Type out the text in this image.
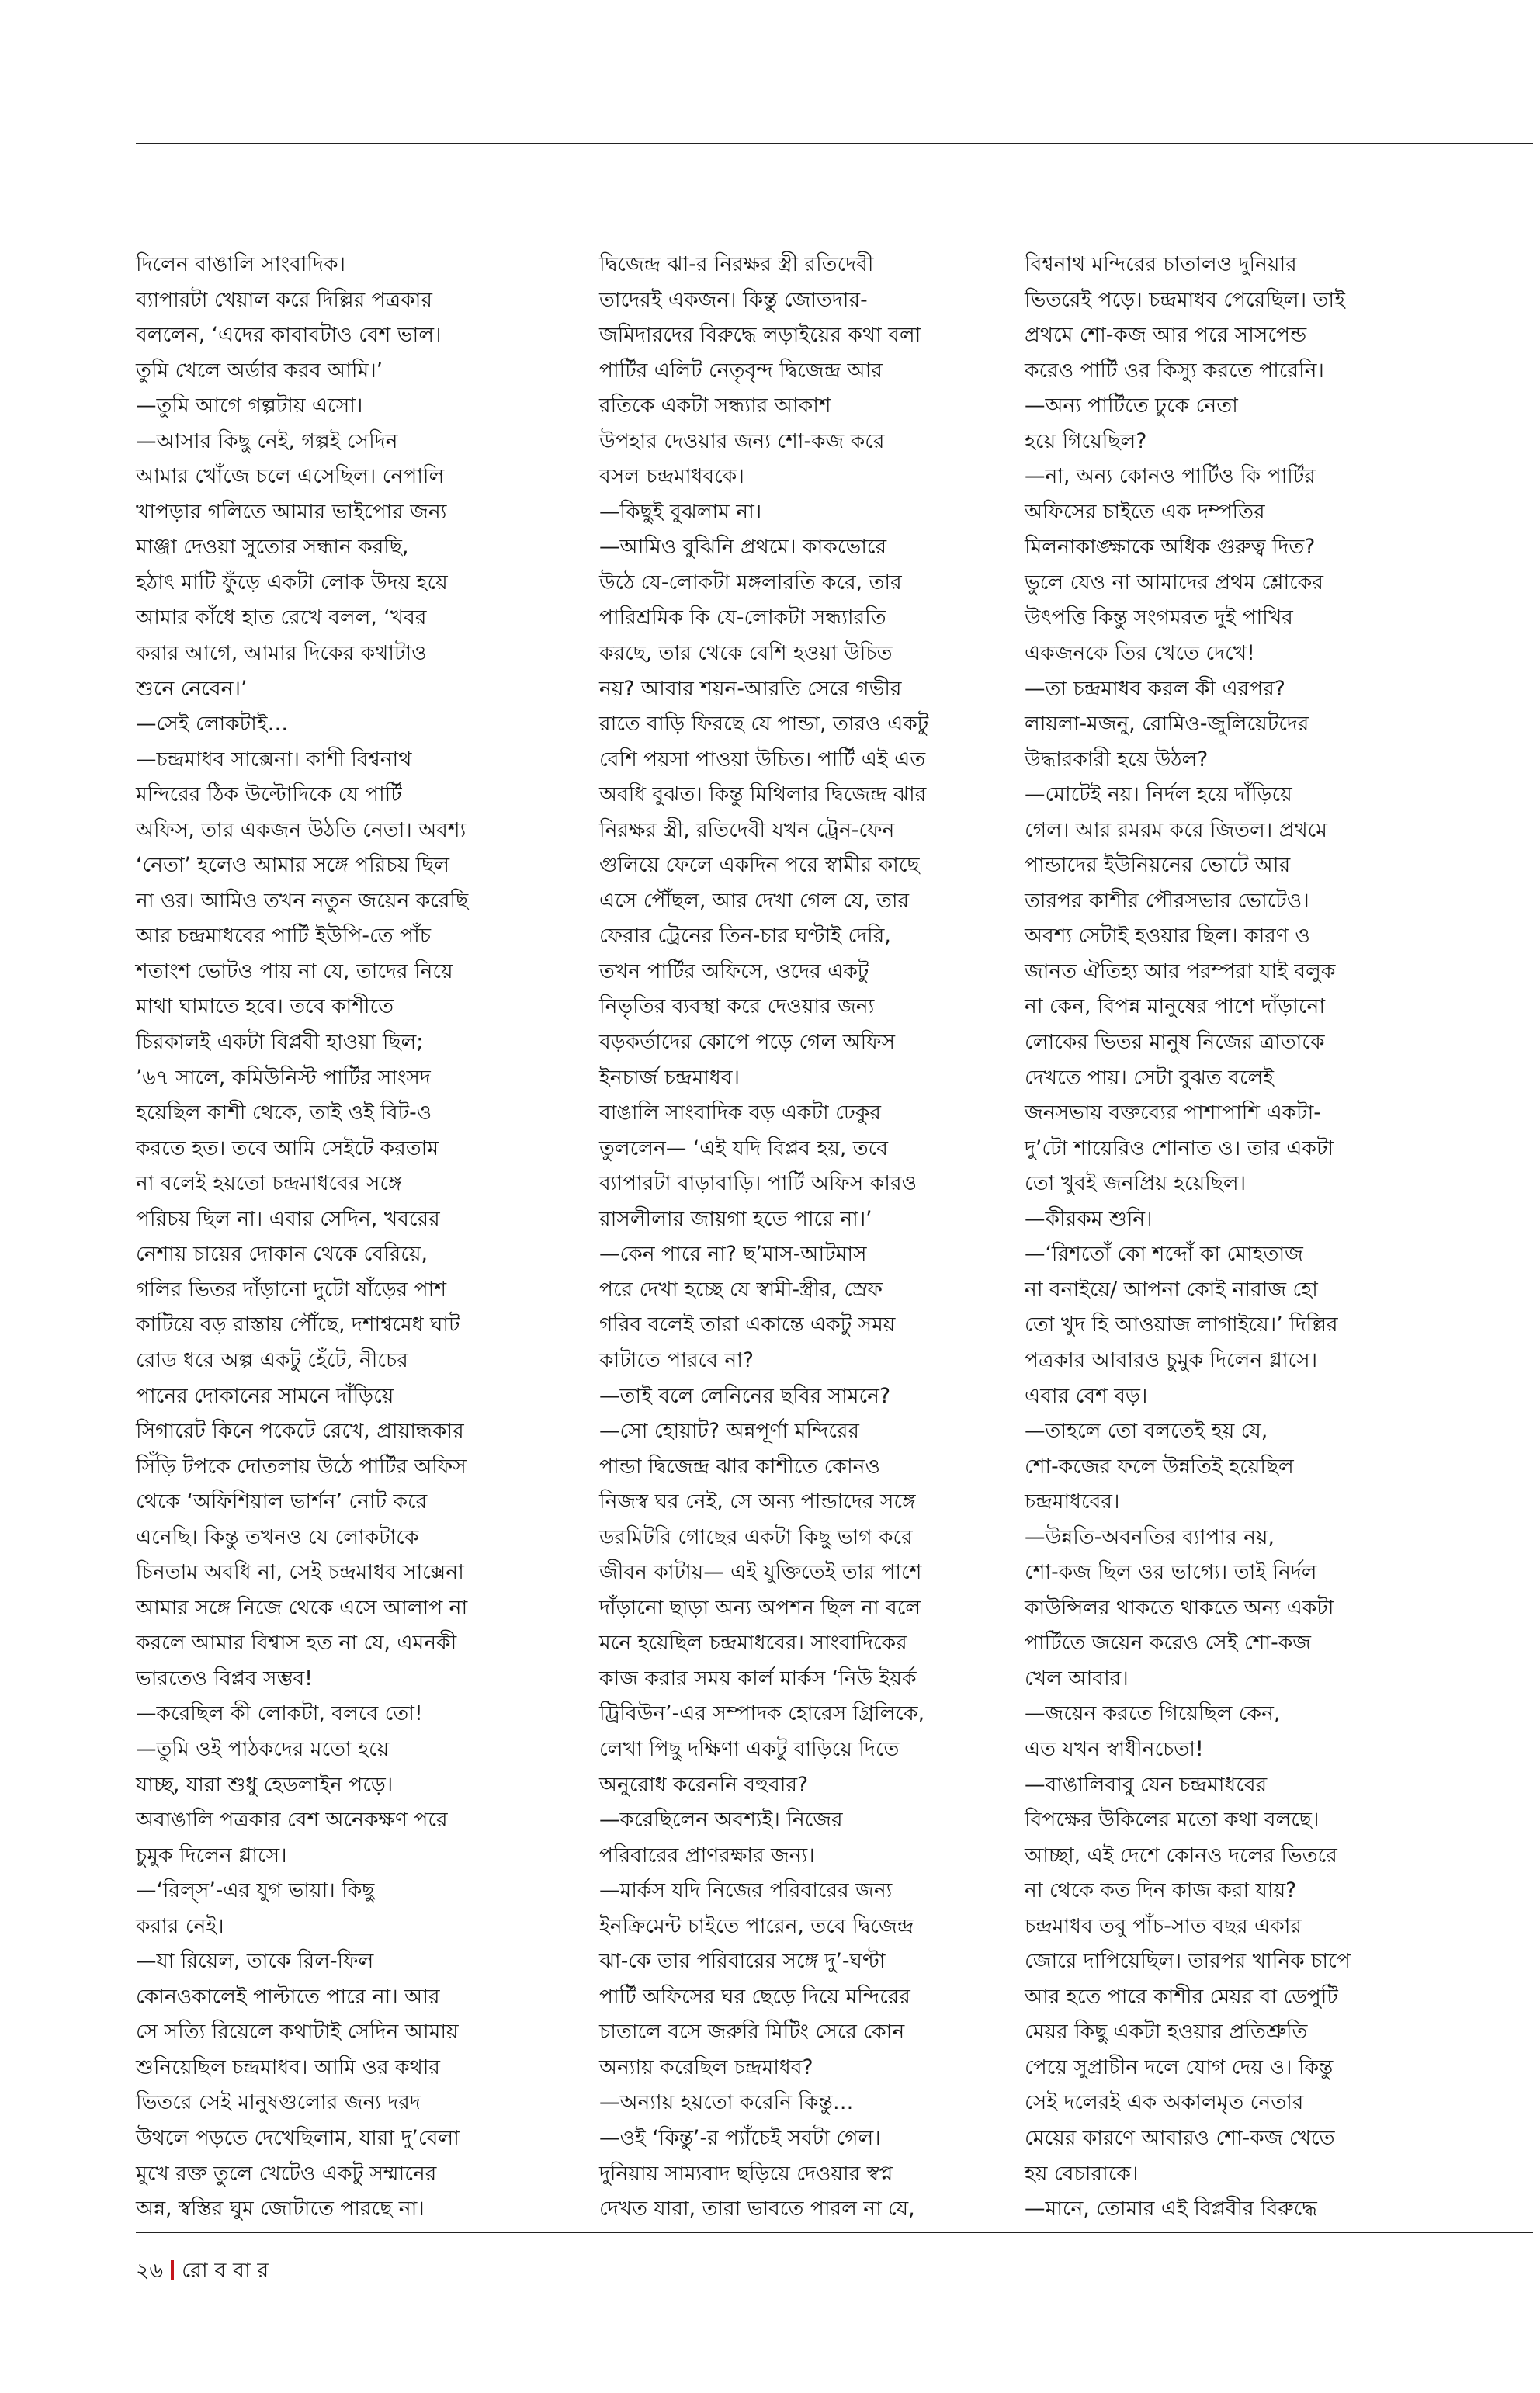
দিলেন বাঙালি সাংবাদিক।
ব্যাপারটা খেয়াল করে দিল্লির পত্রকার
বললেন, ‘এদের কাবাবটাও বেশ ভাল।
তুমি খেলে অর্ডার করব আমি।’
—তুমি আগে গল্পটায় এসো।
—আসার কিছু নেই, গল্পই সেদিন
আমার খোঁজে চলে এসেছিল। নেপালি
খাপড়ার গলিতে আমার ভাইপোর জন্য
মাঞ্জা দেওয়া সুতোর সন্ধান করছি,
হঠাৎ মাটি ফুঁড়ে একটা লোক উদয় হয়ে
আমার কাঁধে হাত রেখে বলল, ‘খবর
করার আগে, আমার দিকের কথাটাও
শুনে নেবেন।’
—সেই লোকটাই…
—চন্দ্রমাধব সাক্সেনা। কাশী বিশ্বনাথ
মন্দিরের ঠিক উল্টোদিকে যে পার্টি
অফিস, তার একজন উঠতি নেতা। অবশ্য
‘নেতা’ হলেও আমার সঙ্গে পরিচয় ছিল
না ওর। আমিও তখন নতুন জয়েন করেছি
আর চন্দ্রমাধবের পার্টি ইউপি-তে পাঁচ
শতাংশ ভোটও পায় না যে, তাদের নিয়ে
মাথা ঘামাতে হবে। তবে কাশীতে
চিরকালই একটা বিপ্লবী হাওয়া ছিল;
’৬৭ সালে, কমিউনিস্ট পার্টির সাংসদ
হয়েছিল কাশী থেকে, তাই ওই বিট-ও
করতে হত। তবে আমি সেইটে করতাম
না বলেই হয়তো চন্দ্রমাধবের সঙ্গে
পরিচয় ছিল না। এবার সেদিন, খবরের
নেশায় চায়ের দোকান থেকে বেরিয়ে,
গলির ভিতর দাঁড়ানো দুটো ষাঁড়ের পাশ
কাটিয়ে বড় রাস্তায় পৌঁছে, দশাশ্বমেধ ঘাট
রোড ধরে অল্প একটু হেঁটে, নীচের
পানের দোকানের সামনে দাঁড়িয়ে
সিগারেট কিনে পকেটে রেখে, প্রায়ান্ধকার
সিঁড়ি টপকে দোতলায় উঠে পার্টির অফিস
থেকে ‘অফিশিয়াল ভার্শন’ নোট করে
এনেছি। কিন্তু তখনও যে লোকটাকে
চিনতাম অবধি না, সেই চন্দ্রমাধব সাক্সেনা
আমার সঙ্গে নিজে থেকে এসে আলাপ না
করলে আমার বিশ্বাস হত না যে, এমনকী
ভারতেও বিপ্লব সম্ভব!
—করেছিল কী লোকটা, বলবে তো!
—তুমি ওই পাঠকদের মতো হয়ে
যাচ্ছ, যারা শুধু হেডলাইন পড়ে।
অবাঙালি পত্রকার বেশ অনেকক্ষণ পরে
চুমুক দিলেন গ্লাসে।
—‘রিল্স’-এর যুগ ভায়া। কিছু
করার নেই।
—যা রিয়েল, তাকে রিল-ফিল
কোনওকালেই পাল্টাতে পারে না। আর
সে সত্যি রিয়েলে কথাটাই সেদিন আমায়
শুনিয়েছিল চন্দ্রমাধব। আমি ওর কথার
ভিতরে সেই মানুষগুলোর জন্য দরদ
উথলে পড়তে দেখেছিলাম, যারা দু’বেলা
মুখে রক্ত তুলে খেটেও একটু সম্মানের
অন্ন, স্বস্তির ঘুম জোটাতে পারছে না।
দ্বিজেন্দ্র ঝা-র নিরক্ষর স্ত্রী রতিদেবী
তাদেরই একজন। কিন্তু জোতদার-
জমিদারদের বিরুদ্ধে লড়াইয়ের কথা বলা
পার্টির এলিট নেতৃবৃন্দ দ্বিজেন্দ্র আর
রতিকে একটা সন্ধ্যার আকাশ
উপহার দেওয়ার জন্য শো-কজ করে
বসল চন্দ্রমাধবকে।
—কিছুই বুঝলাম না।
—আমিও বুঝিনি প্রথমে। কাকভোরে
উঠে যে-লোকটা মঙ্গলারতি করে, তার
পারিশ্রমিক কি যে-লোকটা সন্ধ্যারতি
করছে, তার থেকে বেশি হওয়া উচিত
নয়? আবার শয়ন-আরতি সেরে গভীর
রাতে বাড়ি ফিরছে যে পান্ডা, তারও একটু
বেশি পয়সা পাওয়া উচিত। পার্টি এই এত
অবধি বুঝত। কিন্তু মিথিলার দ্বিজেন্দ্র ঝার
নিরক্ষর স্ত্রী, রতিদেবী যখন ট্রেন-ফেন
গুলিয়ে ফেলে একদিন পরে স্বামীর কাছে
এসে পৌঁছল, আর দেখা গেল যে, তার
ফেরার ট্রেনের তিন-চার ঘণ্টাই দেরি,
তখন পার্টির অফিসে, ওদের একটু
নিভৃতির ব্যবস্থা করে দেওয়ার জন্য
বড়কর্তাদের কোপে পড়ে গেল অফিস
ইনচার্জ চন্দ্রমাধব।
বাঙালি সাংবাদিক বড় একটা ঢেকুর
তুললেন— ‘এই যদি বিপ্লব হয়, তবে
ব্যাপারটা বাড়াবাড়ি। পার্টি অফিস কারও
রাসলীলার জায়গা হতে পারে না।’
—কেন পারে না? ছ’মাস-আটমাস
পরে দেখা হচ্ছে যে স্বামী-স্ত্রীর, স্রেফ
গরিব বলেই তারা একান্তে একটু সময়
কাটাতে পারবে না?
—তাই বলে লেনিনের ছবির সামনে?
—সো হোয়াট? অন্নপূর্ণা মন্দিরের
পান্ডা দ্বিজেন্দ্র ঝার কাশীতে কোনও
নিজস্ব ঘর নেই, সে অন্য পান্ডাদের সঙ্গে
ডরমিটরি গোছের একটা কিছু ভাগ করে
জীবন কাটায়— এই যুক্তিতেই তার পাশে
দাঁড়ানো ছাড়া অন্য অপশন ছিল না বলে
মনে হয়েছিল চন্দ্রমাধবের। সাংবাদিকের
কাজ করার সময় কার্ল মার্কস ‘নিউ ইয়র্ক
ট্রিবিউন’-এর সম্পাদক হোরেস গ্রিলিকে,
লেখা পিছু দক্ষিণা একটু বাড়িয়ে দিতে
অনুরোধ করেননি বহুবার?
—করেছিলেন অবশ্যই। নিজের
পরিবারের প্রাণরক্ষার জন্য।
—মার্কস যদি নিজের পরিবারের জন্য
ইনক্রিমেন্ট চাইতে পারেন, তবে দ্বিজেন্দ্র
ঝা-কে তার পরিবারের সঙ্গে দু’-ঘণ্টা
পার্টি অফিসের ঘর ছেড়ে দিয়ে মন্দিরের
চাতালে বসে জরুরি মিটিং সেরে কোন
অন্যায় করেছিল চন্দ্রমাধব?
—অন্যায় হয়তো করেনি কিন্তু…
—ওই ‘কিন্তু’-র প্যাঁচেই সবটা গেল।
দুনিয়ায় সাম্যবাদ ছড়িয়ে দেওয়ার স্বপ্ন
দেখত যারা, তারা ভাবতে পারল না যে,
বিশ্বনাথ মন্দিরের চাতালও দুনিয়ার
ভিতরেই পড়ে। চন্দ্রমাধব পেরেছিল। তাই
প্রথমে শো-কজ আর পরে সাসপেন্ড
করেও পার্টি ওর কিস্যু করতে পারেনি।
—অন্য পার্টিতে ঢুকে নেতা
হয়ে গিয়েছিল?
—না, অন্য কোনও পার্টিও কি পার্টির
অফিসের চাইতে এক দম্পতির
মিলনাকাঙ্ক্ষাকে অধিক গুরুত্ব দিত?
ভুলে যেও না আমাদের প্রথম শ্লোকের
উৎপত্তি কিন্তু সংগমরত দুই পাখির
একজনকে তির খেতে দেখে!
—তা চন্দ্রমাধব করল কী এরপর?
লায়লা-মজনু, রোমিও-জুলিয়েটদের
উদ্ধারকারী হয়ে উঠল?
—মোটেই নয়। নির্দল হয়ে দাঁড়িয়ে
গেল। আর রমরম করে জিতল। প্রথমে
পান্ডাদের ইউনিয়নের ভোটে আর
তারপর কাশীর পৌরসভার ভোটেও।
অবশ্য সেটাই হওয়ার ছিল। কারণ ও
জানত ঐতিহ্য আর পরম্পরা যাই বলুক
না কেন, বিপন্ন মানুষের পাশে দাঁড়ানো
লোকের ভিতর মানুষ নিজের ত্রাতাকে
দেখতে পায়। সেটা বুঝত বলেই
জনসভায় বক্তব্যের পাশাপাশি একটা-
দু’টো শায়েরিও শোনাত ও। তার একটা
তো খুবই জনপ্রিয় হয়েছিল।
—কীরকম শুনি।
—‘রিশতোঁ কো শব্দোঁ কা মোহতাজ
না বনাইয়ে/ আপনা কোই নারাজ হো
তো খুদ হি আওয়াজ লাগাইয়ে।’ দিল্লির
পত্রকার আবারও চুমুক দিলেন গ্লাসে।
এবার বেশ বড়।
—তাহলে তো বলতেই হয় যে,
শো-কজের ফলে উন্নতিই হয়েছিল
চন্দ্রমাধবের।
—উন্নতি-অবনতির ব্যাপার নয়,
শো-কজ ছিল ওর ভাগ্যে। তাই নির্দল
কাউন্সিলর থাকতে থাকতে অন্য একটা
পার্টিতে জয়েন করেও সেই শো-কজ
খেল আবার।
—জয়েন করতে গিয়েছিল কেন,
এত যখন স্বাধীনচেতা!
—বাঙালিবাবু যেন চন্দ্রমাধবের
বিপক্ষের উকিলের মতো কথা বলছে।
আচ্ছা, এই দেশে কোনও দলের ভিতরে
না থেকে কত দিন কাজ করা যায়?
চন্দ্রমাধব তবু পাঁচ-সাত বছর একার
জোরে দাপিয়েছিল। তারপর খানিক চাপে
আর হতে পারে কাশীর মেয়র বা ডেপুটি
মেয়র কিছু একটা হওয়ার প্রতিশ্রুতি
পেয়ে সুপ্রাচীন দলে যোগ দেয় ও। কিন্তু
সেই দলেরই এক অকালমৃত নেতার
মেয়ের কারণে আবারও শো-কজ খেতে
হয় বেচারাকে।
—মানে, তোমার এই বিপ্লবীর বিরুদ্ধে
২৬ রো ব বা র
